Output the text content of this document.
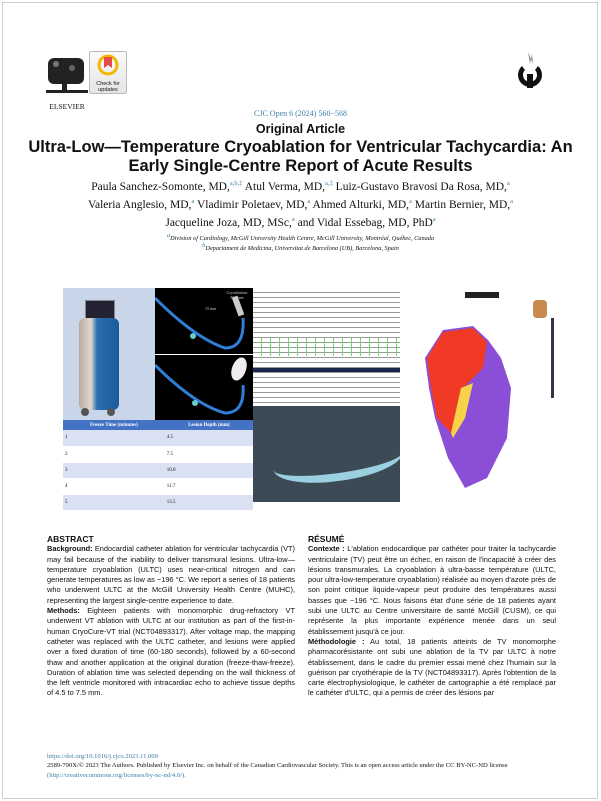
ELSEVIER
Check for updates
CJC Open 6 (2024) 560−568
Original Article
Ultra-Low—Temperature Cryoablation for Ventricular Tachycardia: An Early Single-Centre Report of Acute Results
Paula Sanchez-Somonte, MD,$^{a,b,\ddagger}$ Atul Verma, MD,$^{a,\ddagger}$ Luiz-Gustavo Bravosi Da Rosa, MD,$^a$
Valeria Anglesio, MD,$^a$ Vladimir Poletaev, MD,$^a$ Ahmed Alturki, MD,$^a$ Martin Bernier, MD,$^a$
Jacqueline Joza, MD, MSc,$^a$ and Vidal Essebag, MD, PhD$^a$
$^a$Division of Cardiology, McGill University Health Centre, McGill University, Montréal, Québec, Canada
$^b$Departament de Medicina, Universitat de Barcelona (UB), Barcelona, Spain
Cryoablation Element
15 mm
Freeze Time (minutes)	Lesion Depth (mm)
1	4.5
2	7.5
3	10.0
4	11.7
5	13.5
ABSTRACT

Background: Endocardial catheter ablation for ventricular tachycardia (VT) may fail because of the inability to deliver transmural lesions. Ultra-low—temperature cryoablation (ULTC) uses near-critical nitrogen and can generate temperatures as low as −196 °C. We report a series of 18 patients who underwent ULTC at the McGill University Health Centre (MUHC), representing the largest single-centre experience to date.

Methods: Eighteen patients with monomorphic drug-refractory VT underwent VT ablation with ULTC at our institution as part of the first-in-human CryoCure-VT trial (NCT04893317). After voltage map, the mapping catheter was replaced with the ULTC catheter, and lesions were applied over a fixed duration of time (60-180 seconds), followed by a 60-second thaw and another application at the original duration (freeze-thaw-freeze). Duration of ablation time was selected depending on the wall thickness of the left ventricle monitored with intracardiac echo to achieve tissue depths of 4.5 to 7.5 mm.

RÉSUMÉ

Contexte : L'ablation endocardique par cathéter pour traiter la tachycardie ventriculaire (TV) peut être un échec, en raison de l'incapacité à créer des lésions transmurales. La cryoablation à ultra-basse température (ULTC, pour ultra-low-temperature cryoablation) réalisée au moyen d'azote près de son point critique liquide-vapeur peut produire des températures aussi basses que −196 °C. Nous faisons état d'une série de 18 patients ayant subi une ULTC au Centre universitaire de santé McGill (CUSM), ce qui représente la plus importante expérience menée dans un seul établissement jusqu'à ce jour.

Méthodologie : Au total, 18 patients atteints de TV monomorphe pharmacorésistante ont subi une ablation de la TV par ULTC à notre établissement, dans le cadre du premier essai mené chez l'humain sur la guérison par cryothérapie de la TV (NCT04893317). Après l'obtention de la carte électrophysiologique, le cathéter de cartographie a été remplacé par le cathéter d'ULTC, qui a permis de créer des lésions par

https://doi.org/10.1016/j.cjco.2023.11.009
2589-790X/© 2023 The Authors. Published by Elsevier Inc. on behalf of the Canadian Cardiovascular Society. This is an open access article under the CC BY-NC-ND license (http://creativecommons.org/licenses/by-nc-nd/4.0/).
